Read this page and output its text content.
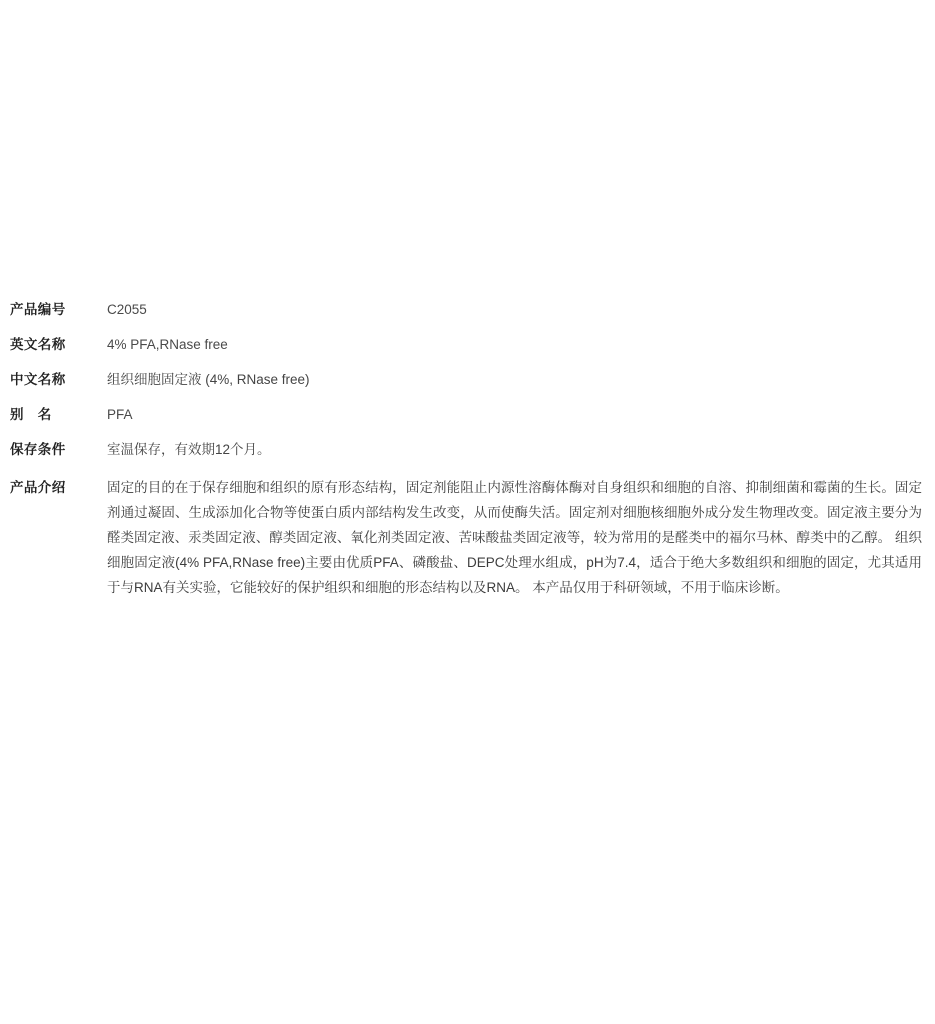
产品编号	C2055
英文名称	4% PFA,RNase free
中文名称	组织细胞固定液 (4%, RNase free)
别　名	PFA
保存条件	室温保存，有效期12个月。
产品介绍	固定的目的在于保存细胞和组织的原有形态结构，固定剂能阻止内源性溶酶体酶对自身组织和细胞的自溶、抑制细菌和霉菌的生长。固定剂通过凝固、生成添加化合物等使蛋白质内部结构发生改变，从而使酶失活。固定剂对细胞核细胞外成分发生物理改变。固定液主要分为醛类固定液、汞类固定液、醇类固定液、氧化剂类固定液、苦味酸盐类固定液等，较为常用的是醛类中的福尔马林、醇类中的乙醇。 组织细胞固定液(4% PFA,RNase free)主要由优质PFA、磷酸盐、DEPC处理水组成，pH为7.4，适合于绝大多数组织和细胞的固定，尤其适用于与RNA有关实验，它能较好的保护组织和细胞的形态结构以及RNA。 本产品仅用于科研领域，不用于临床诊断。
